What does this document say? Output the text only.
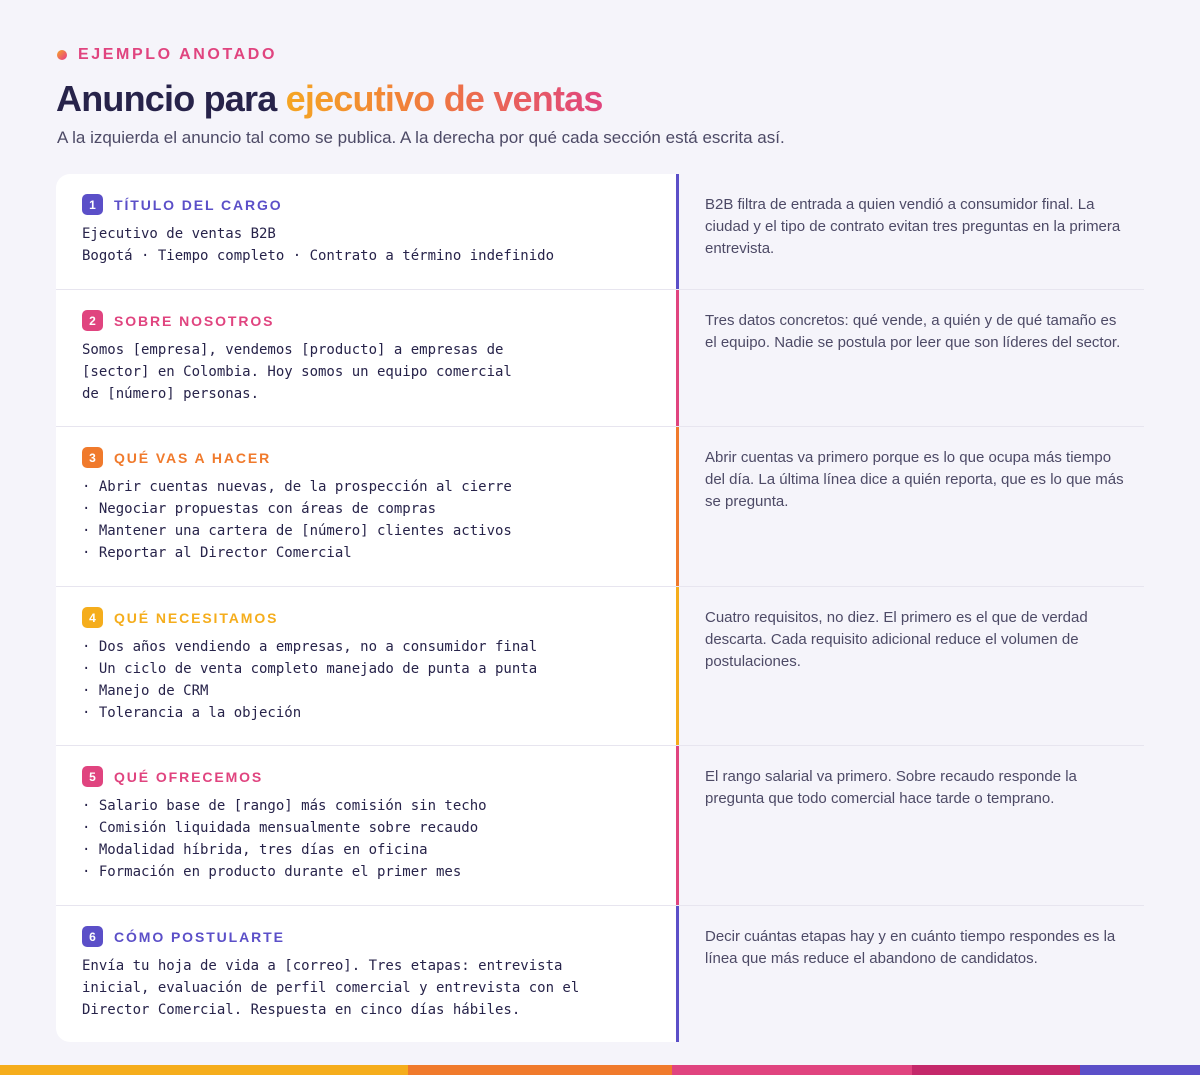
EJEMPLO ANOTADO
Anuncio para ejecutivo de ventas

A la izquierda el anuncio tal como se publica. A la derecha por qué cada sección está escrita así.

1	TÍTULO DEL CARGO
Ejecutivo de ventas B2B
Bogotá · Tiempo completo · Contrato a término indefinido

B2B filtra de entrada a quien vendió a consumidor final. La ciudad y el tipo de contrato evitan tres preguntas en la primera entrevista.

2	SOBRE NOSOTROS
Somos [empresa], vendemos [producto] a empresas de
[sector] en Colombia. Hoy somos un equipo comercial
de [número] personas.

Tres datos concretos: qué vende, a quién y de qué tamaño es el equipo. Nadie se postula por leer que son líderes del sector.

3	QUÉ VAS A HACER
· Abrir cuentas nuevas, de la prospección al cierre
· Negociar propuestas con áreas de compras
· Mantener una cartera de [número] clientes activos
· Reportar al Director Comercial

Abrir cuentas va primero porque es lo que ocupa más tiempo del día. La última línea dice a quién reporta, que es lo que más se pregunta.

4	QUÉ NECESITAMOS
· Dos años vendiendo a empresas, no a consumidor final
· Un ciclo de venta completo manejado de punta a punta
· Manejo de CRM
· Tolerancia a la objeción

Cuatro requisitos, no diez. El primero es el que de verdad descarta. Cada requisito adicional reduce el volumen de postulaciones.

5	QUÉ OFRECEMOS
· Salario base de [rango] más comisión sin techo
· Comisión liquidada mensualmente sobre recaudo
· Modalidad híbrida, tres días en oficina
· Formación en producto durante el primer mes

El rango salarial va primero. Sobre recaudo responde la pregunta que todo comercial hace tarde o temprano.

6	CÓMO POSTULARTE
Envía tu hoja de vida a [correo]. Tres etapas: entrevista
inicial, evaluación de perfil comercial y entrevista con el
Director Comercial. Respuesta en cinco días hábiles.

Decir cuántas etapas hay y en cuánto tiempo respondes es la línea que más reduce el abandono de candidatos.
